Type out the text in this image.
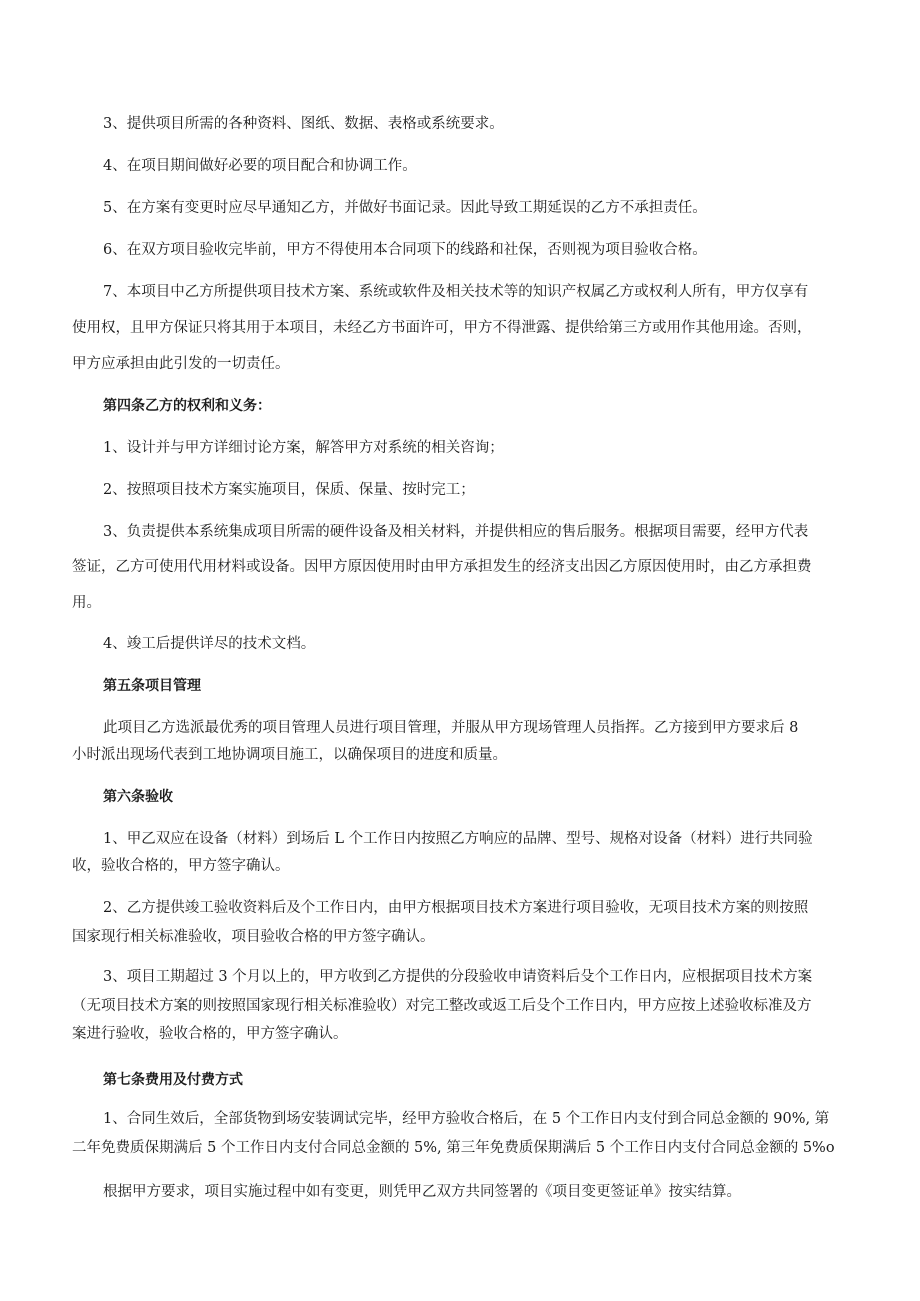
3、提供项目所需的各种资料、图纸、数据、表格或系统要求。
4、在项目期间做好必要的项目配合和协调工作。
5、在方案有变更时应尽早通知乙方，并做好书面记录。因此导致工期延误的乙方不承担责任。
6、在双方项目验收完毕前，甲方不得使用本合同项下的线路和社保，否则视为项目验收合格。
7、本项目中乙方所提供项目技术方案、系统或软件及相关技术等的知识产权属乙方或权利人所有，甲方仅享有
使用权，且甲方保证只将其用于本项目，未经乙方书面许可，甲方不得泄露、提供给第三方或用作其他用途。否则，
甲方应承担由此引发的一切责任。
第四条乙方的权利和义务：
1、设计并与甲方详细讨论方案，解答甲方对系统的相关咨询；
2、按照项目技术方案实施项目，保质、保量、按时完工；
3、负责提供本系统集成项目所需的硬件设备及相关材料，并提供相应的售后服务。根据项目需要，经甲方代表
签证，乙方可使用代用材料或设备。因甲方原因使用时由甲方承担发生的经济支出因乙方原因使用时，由乙方承担费
用。
4、竣工后提供详尽的技术文档。
第五条项目管理
此项目乙方选派最优秀的项目管理人员进行项目管理，并服从甲方现场管理人员指挥。乙方接到甲方要求后 8
小时派出现场代表到工地协调项目施工，以确保项目的进度和质量。
第六条验收
1、甲乙双应在设备（材料）到场后 L 个工作日内按照乙方响应的品牌、型号、规格对设备（材料）进行共同验
收，验收合格的，甲方签字确认。
2、乙方提供竣工验收资料后及个工作日内，由甲方根据项目技术方案进行项目验收，无项目技术方案的则按照
国家现行相关标准验收，项目验收合格的甲方签字确认。
3、项目工期超过 3 个月以上的，甲方收到乙方提供的分段验收申请资料后殳个工作日内，应根据项目技术方案
（无项目技术方案的则按照国家现行相关标准验收）对完工整改或返工后殳个工作日内，甲方应按上述验收标准及方
案进行验收，验收合格的，甲方签字确认。
第七条费用及付费方式
1、合同生效后，全部货物到场安装调试完毕，经甲方验收合格后，在 5 个工作日内支付到合同总金额的 90%, 第
二年免费质保期满后 5 个工作日内支付合同总金额的 5%, 第三年免费质保期满后 5 个工作日内支付合同总金额的 5%o
根据甲方要求，项目实施过程中如有变更，则凭甲乙双方共同签署的《项目变更签证单》按实结算。
